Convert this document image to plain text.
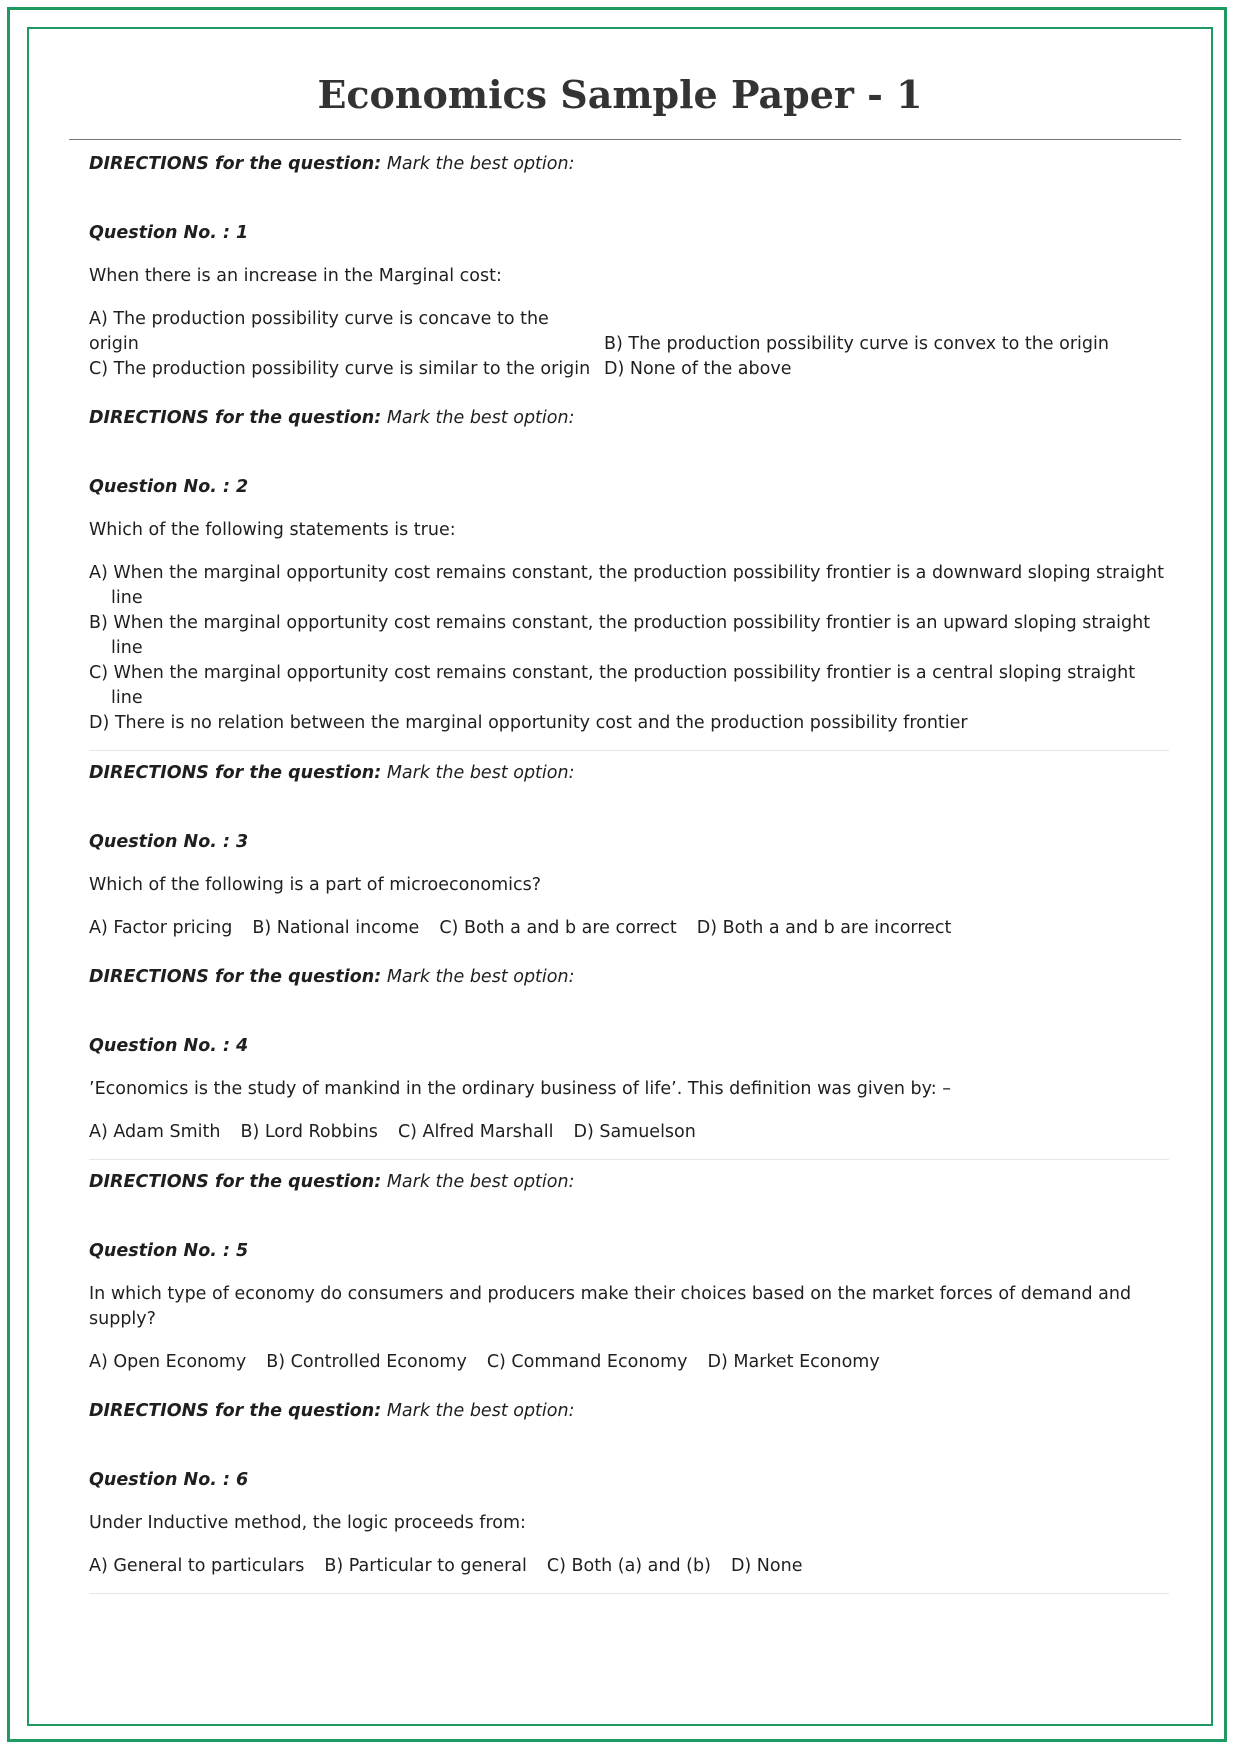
Economics Sample Paper - 1

DIRECTIONS for the question: Mark the best option:

Question No. : 1

When there is an increase in the Marginal cost:

A) The production possibility curve is concave to the origin	B) The production possibility curve is convex to the origin
C) The production possibility curve is similar to the origin D) None of the above

DIRECTIONS for the question: Mark the best option:

Question No. : 2

Which of the following statements is true:

A) When the marginal opportunity cost remains constant, the production possibility frontier is a downward sloping straight line
B) When the marginal opportunity cost remains constant, the production possibility frontier is an upward sloping straight line
C) When the marginal opportunity cost remains constant, the production possibility frontier is a central sloping straight line
D) There is no relation between the marginal opportunity cost and the production possibility frontier

DIRECTIONS for the question: Mark the best option:

Question No. : 3

Which of the following is a part of microeconomics?

A) Factor pricing B) National income C) Both a and b are correct D) Both a and b are incorrect

DIRECTIONS for the question: Mark the best option:

Question No. : 4

’Economics is the study of mankind in the ordinary business of life’. This definition was given by: –

A) Adam Smith B) Lord Robbins C) Alfred Marshall D) Samuelson

DIRECTIONS for the question: Mark the best option:

Question No. : 5

In which type of economy do consumers and producers make their choices based on the market forces of demand and supply?

A) Open Economy B) Controlled Economy C) Command Economy D) Market Economy

DIRECTIONS for the question: Mark the best option:

Question No. : 6

Under Inductive method, the logic proceeds from:

A) General to particulars B) Particular to general C) Both (a) and (b) D) None
